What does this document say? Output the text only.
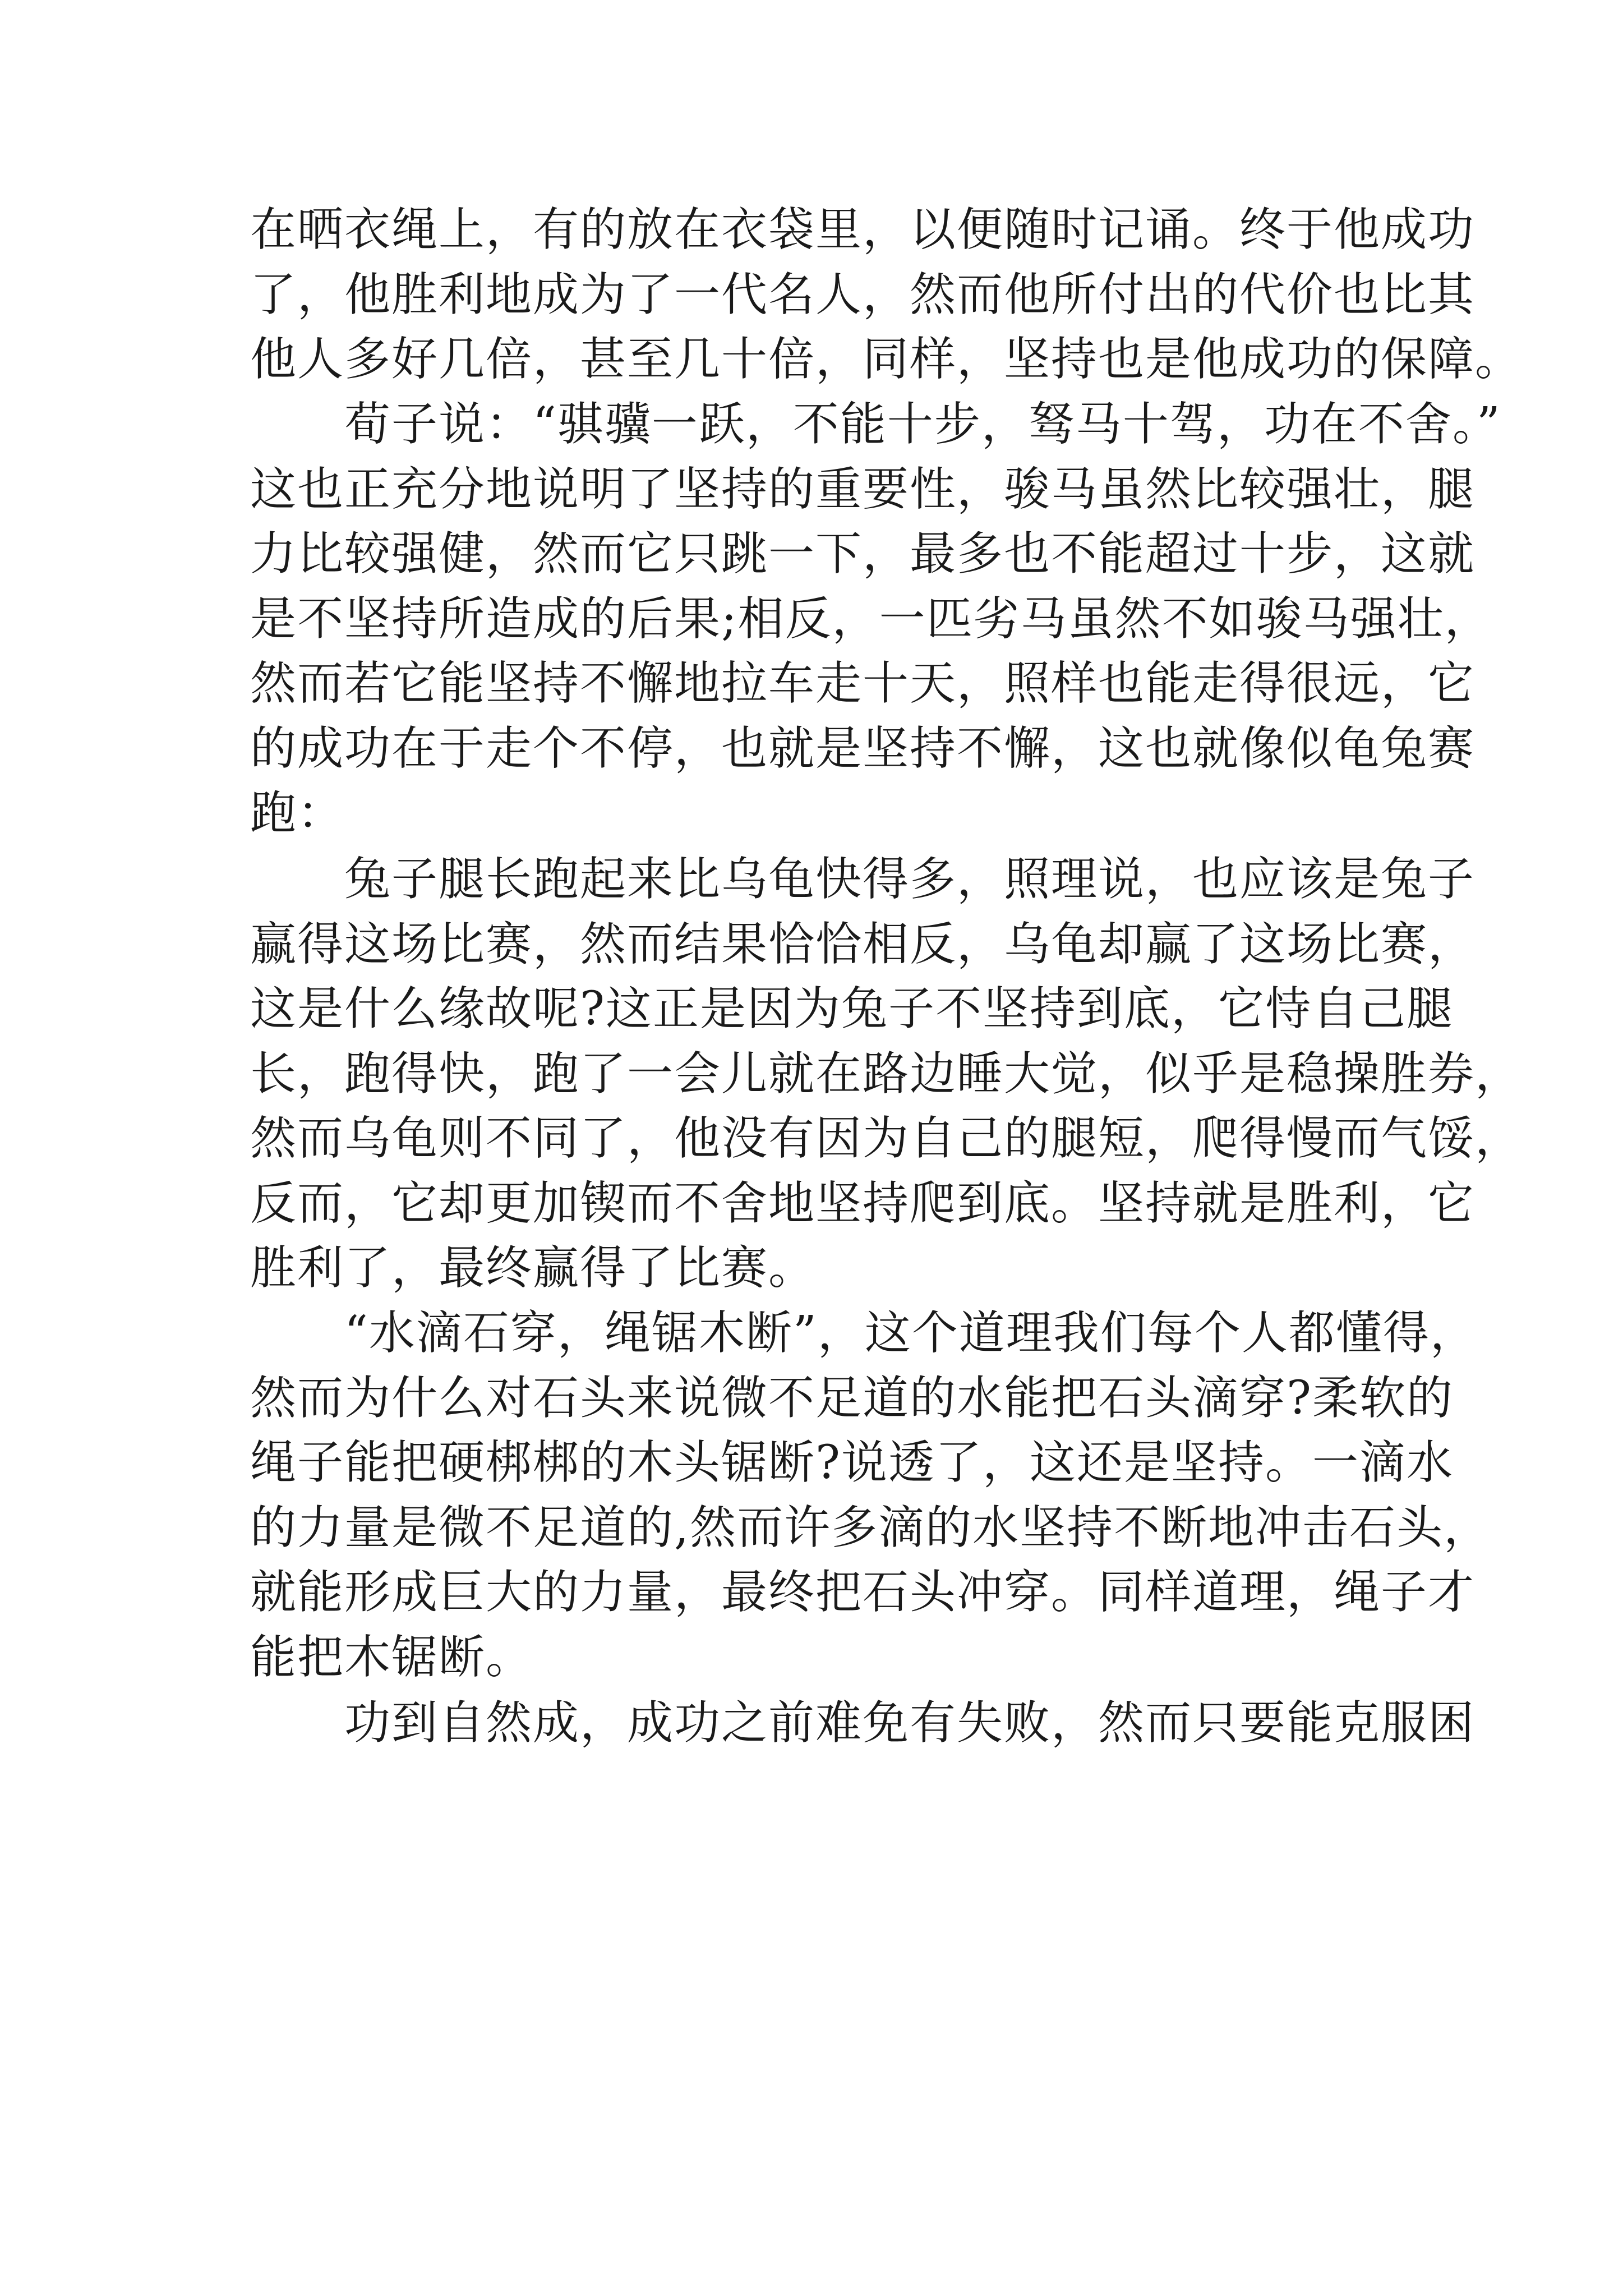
在晒衣绳上，有的放在衣袋里，以便随时记诵。终于他成功
了，他胜利地成为了一代名人，然而他所付出的代价也比其
他人多好几倍，甚至几十倍，同样，坚持也是他成功的保障。
　　荀子说：“骐骥一跃，不能十步，驽马十驾，功在不舍。”
这也正充分地说明了坚持的重要性，骏马虽然比较强壮，腿
力比较强健，然而它只跳一下，最多也不能超过十步，这就
是不坚持所造成的后果;相反，一匹劣马虽然不如骏马强壮，
然而若它能坚持不懈地拉车走十天，照样也能走得很远，它
的成功在于走个不停，也就是坚持不懈，这也就像似龟兔赛
跑：
　　兔子腿长跑起来比乌龟快得多，照理说，也应该是兔子
赢得这场比赛，然而结果恰恰相反，乌龟却赢了这场比赛，
这是什么缘故呢?这正是因为兔子不坚持到底，它恃自己腿
长，跑得快，跑了一会儿就在路边睡大觉，似乎是稳操胜券，
然而乌龟则不同了，他没有因为自己的腿短，爬得慢而气馁，
反而，它却更加锲而不舍地坚持爬到底。坚持就是胜利，它
胜利了，最终赢得了比赛。
　　“水滴石穿，绳锯木断”，这个道理我们每个人都懂得，
然而为什么对石头来说微不足道的水能把石头滴穿?柔软的
绳子能把硬梆梆的木头锯断?说透了，这还是坚持。一滴水
的力量是微不足道的,然而许多滴的水坚持不断地冲击石头，
就能形成巨大的力量，最终把石头冲穿。同样道理，绳子才
能把木锯断。
　　功到自然成，成功之前难免有失败，然而只要能克服困
